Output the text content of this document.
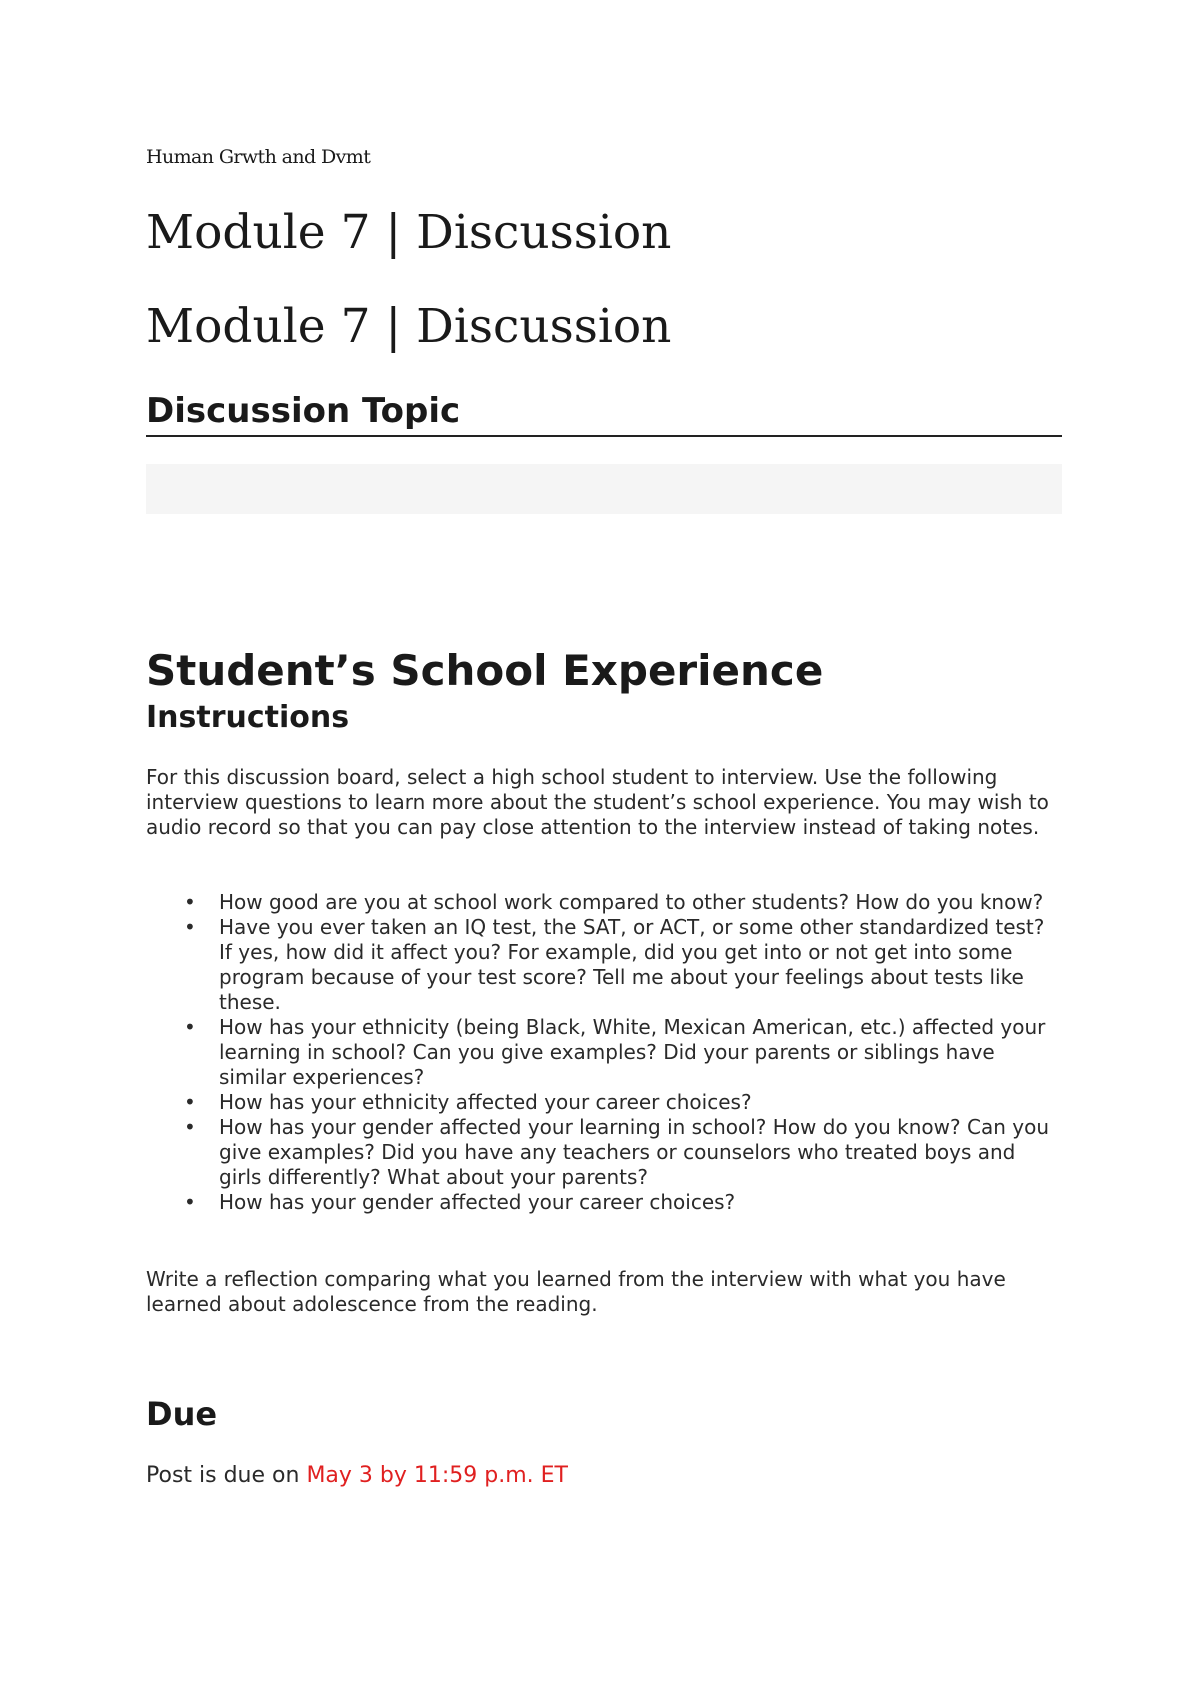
Human Grwth and Dvmt
Module 7 | Discussion
Module 7 | Discussion
Discussion Topic
Student’s School Experience
Instructions
For this discussion board, select a high school student to interview. Use the following interview questions to learn more about the student’s school experience. You may wish to audio record so that you can pay close attention to the interview instead of taking notes.
• How good are you at school work compared to other students? How do you know?
• Have you ever taken an IQ test, the SAT, or ACT, or some other standardized test? If yes, how did it affect you? For example, did you get into or not get into some program because of your test score? Tell me about your feelings about tests like these.
• How has your ethnicity (being Black, White, Mexican American, etc.) affected your learning in school? Can you give examples? Did your parents or siblings have similar experiences?
• How has your ethnicity affected your career choices?
• How has your gender affected your learning in school? How do you know? Can you give examples? Did you have any teachers or counselors who treated boys and girls differently? What about your parents?
• How has your gender affected your career choices?
Write a reflection comparing what you learned from the interview with what you have learned about adolescence from the reading.
Due
Post is due on May 3 by 11:59 p.m. ET
